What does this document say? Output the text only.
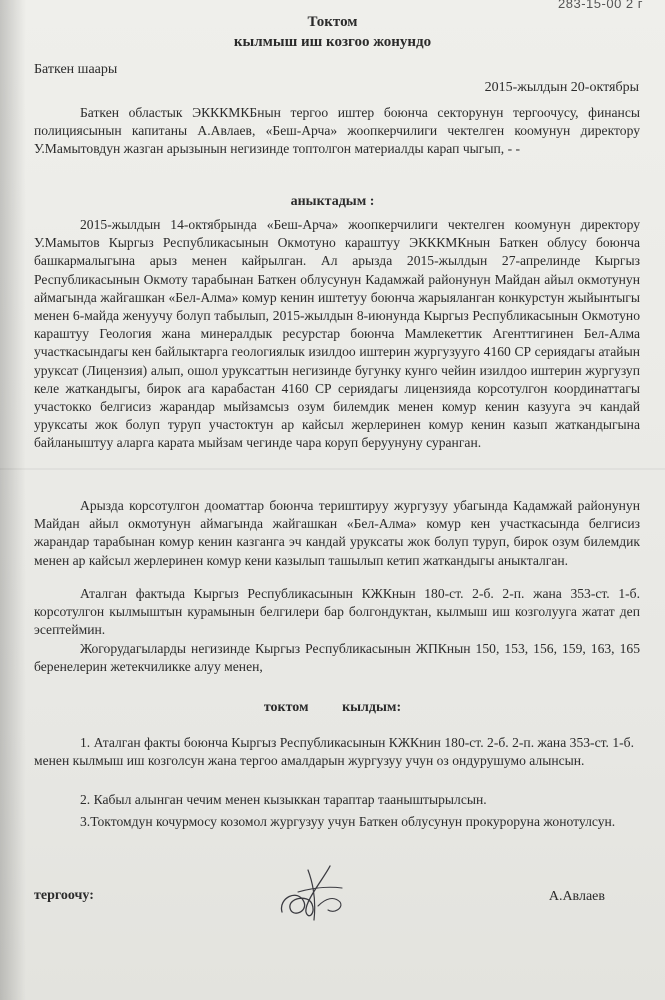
283-15-00 2 г
Токтом
кылмыш иш козгоо жонундо
Баткен шаары
2015-жылдын 20-октябры

Баткен областык ЭКККМКБнын тергоо иштер боюнча секторунун тергоочусу, финансы полициясынын капитаны А.Авлаев, «Беш-Арча» жоопкерчилиги чектелген коомунун директору У.Мамытовдун жазган арызынын негизинде топтолгон материалды карап чыгып, - -

аныктадым :

2015-жылдын 14-октябрында «Беш-Арча» жоопкерчилиги чектелген коомунун директору У.Мамытов Кыргыз Республикасынын Окмотуно караштуу ЭКККМКнын Баткен облусу боюнча башкармалыгына арыз менен кайрылган. Ал арызда 2015-жылдын 27-апрелинде Кыргыз Республикасынын Окмоту тарабынан Баткен облусунун Кадамжай районунун Майдан айыл окмотунун аймагында жайгашкан «Бел-Алма» комур кенин иштетуу боюнча жарыяланган конкурстун жыйынтыгы менен 6-майда женуучу болуп табылып, 2015-жылдын 8-июнунда Кыргыз Республикасынын Окмотуно караштуу Геология жана минералдык ресурстар боюнча Мамлекеттик Агенттигинен Бел-Алма участкасындагы кен байлыктарга геологиялык изилдоо иштерин жургузууго 4160 СР сериядагы атайын уруксат (Лицензия) алып, ошол уруксаттын негизинде бугунку кунго чейин изилдоо иштерин жургузуп келе жаткандыгы, бирок ага карабастан 4160 СР сериядагы лицензияда корсотулгон координаттагы участокко белгисиз жарандар мыйзамсыз озум билемдик менен комур кенин казууга эч кандай уруксаты жок болуп туруп участоктун ар кайсыл жерлеринен комур кенин казып жаткандыгына байланыштуу аларга карата мыйзам чегинде чара коруп беруунуну суранган.

Арызда корсотулгон дооматтар боюнча териштируу жургузуу убагында Кадамжай районунун Майдан айыл окмотунун аймагында жайгашкан «Бел-Алма» комур кен участкасында белгисиз жарандар тарабынан комур кенин казганга эч кандай уруксаты жок болуп туруп, бирок озум билемдик менен ар кайсыл жерлеринен комур кени казылып ташылып кетип жаткандыгы аныкталган.

Аталган фактыда Кыргыз Республикасынын КЖКнын 180-ст. 2-б. 2-п. жана 353-ст. 1-б. корсотулгон кылмыштын курамынын белгилери бар болгондуктан, кылмыш иш козголууга жатат деп эсептеймин.

Жогорудагыларды негизинде Кыргыз Республикасынын ЖПКнын 150, 153, 156, 159, 163, 165 беренелерин жетекчиликке алуу менен,

токтом кылдым:

1. Аталган факты боюнча Кыргыз Республикасынын КЖКнин 180-ст. 2-б. 2-п. жана 353-ст. 1-б. менен кылмыш иш козголсун жана тергоо амалдарын жургузуу учун оз ондурушумо алынсын.

2. Кабыл алынган чечим менен кызыккан тараптар тааныштырылсын.

3.Токтомдун кочурмосу козомол жургузуу учун Баткен облусунун прокуроруна жонотулсун.

тергоочу:	А.Авлаев
